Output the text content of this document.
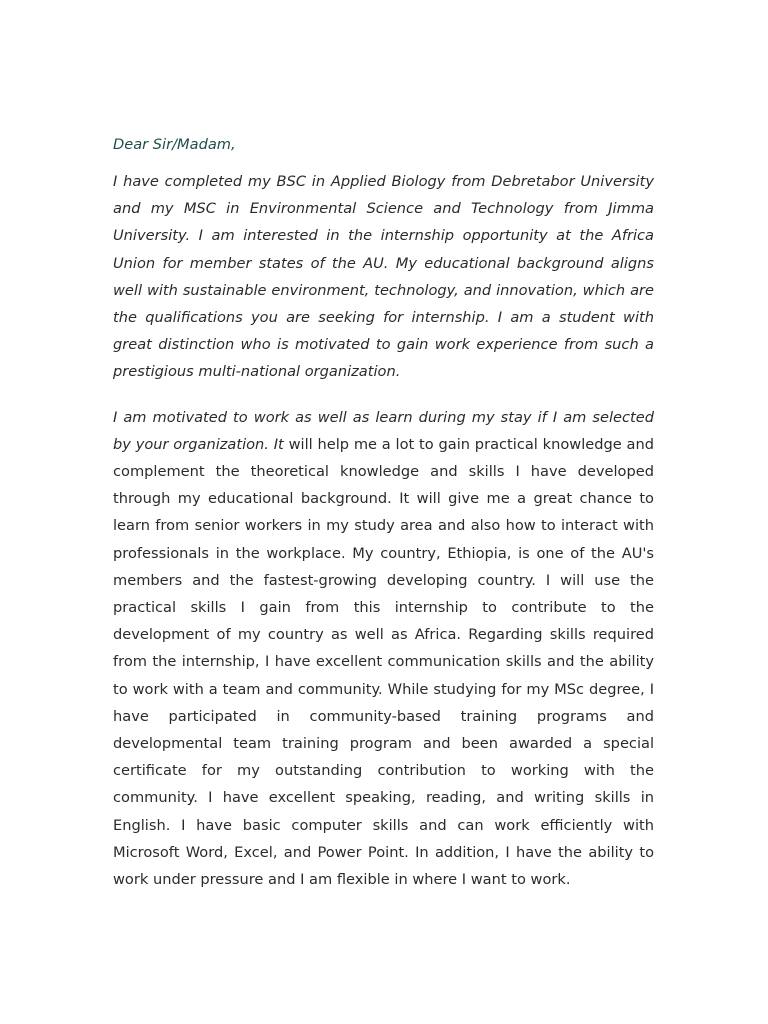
Dear Sir/Madam,

I have completed my BSC in Applied Biology from Debretabor University and my MSC in Environmental Science and Technology from Jimma University. I am interested in the internship opportunity at the Africa Union for member states of the AU. My educational background aligns well with sustainable environment, technology, and innovation, which are the qualifications you are seeking for internship. I am a student with great distinction who is motivated to gain work experience from such a prestigious multi-national organization.

I am motivated to work as well as learn during my stay if I am selected by your organization. It will help me a lot to gain practical knowledge and complement the theoretical knowledge and skills I have developed through my educational background. It will give me a great chance to learn from senior workers in my study area and also how to interact with professionals in the workplace. My country, Ethiopia, is one of the AU's members and the fastest-growing developing country. I will use the practical skills I gain from this internship to contribute to the development of my country as well as Africa. Regarding skills required from the internship, I have excellent communication skills and the ability to work with a team and community. While studying for my MSc degree, I have participated in community-based training programs and developmental team training program and been awarded a special certificate for my outstanding contribution to working with the community. I have excellent speaking, reading, and writing skills in English. I have basic computer skills and can work efficiently with Microsoft Word, Excel, and Power Point. In addition, I have the ability to work under pressure and I am flexible in where I want to work.
